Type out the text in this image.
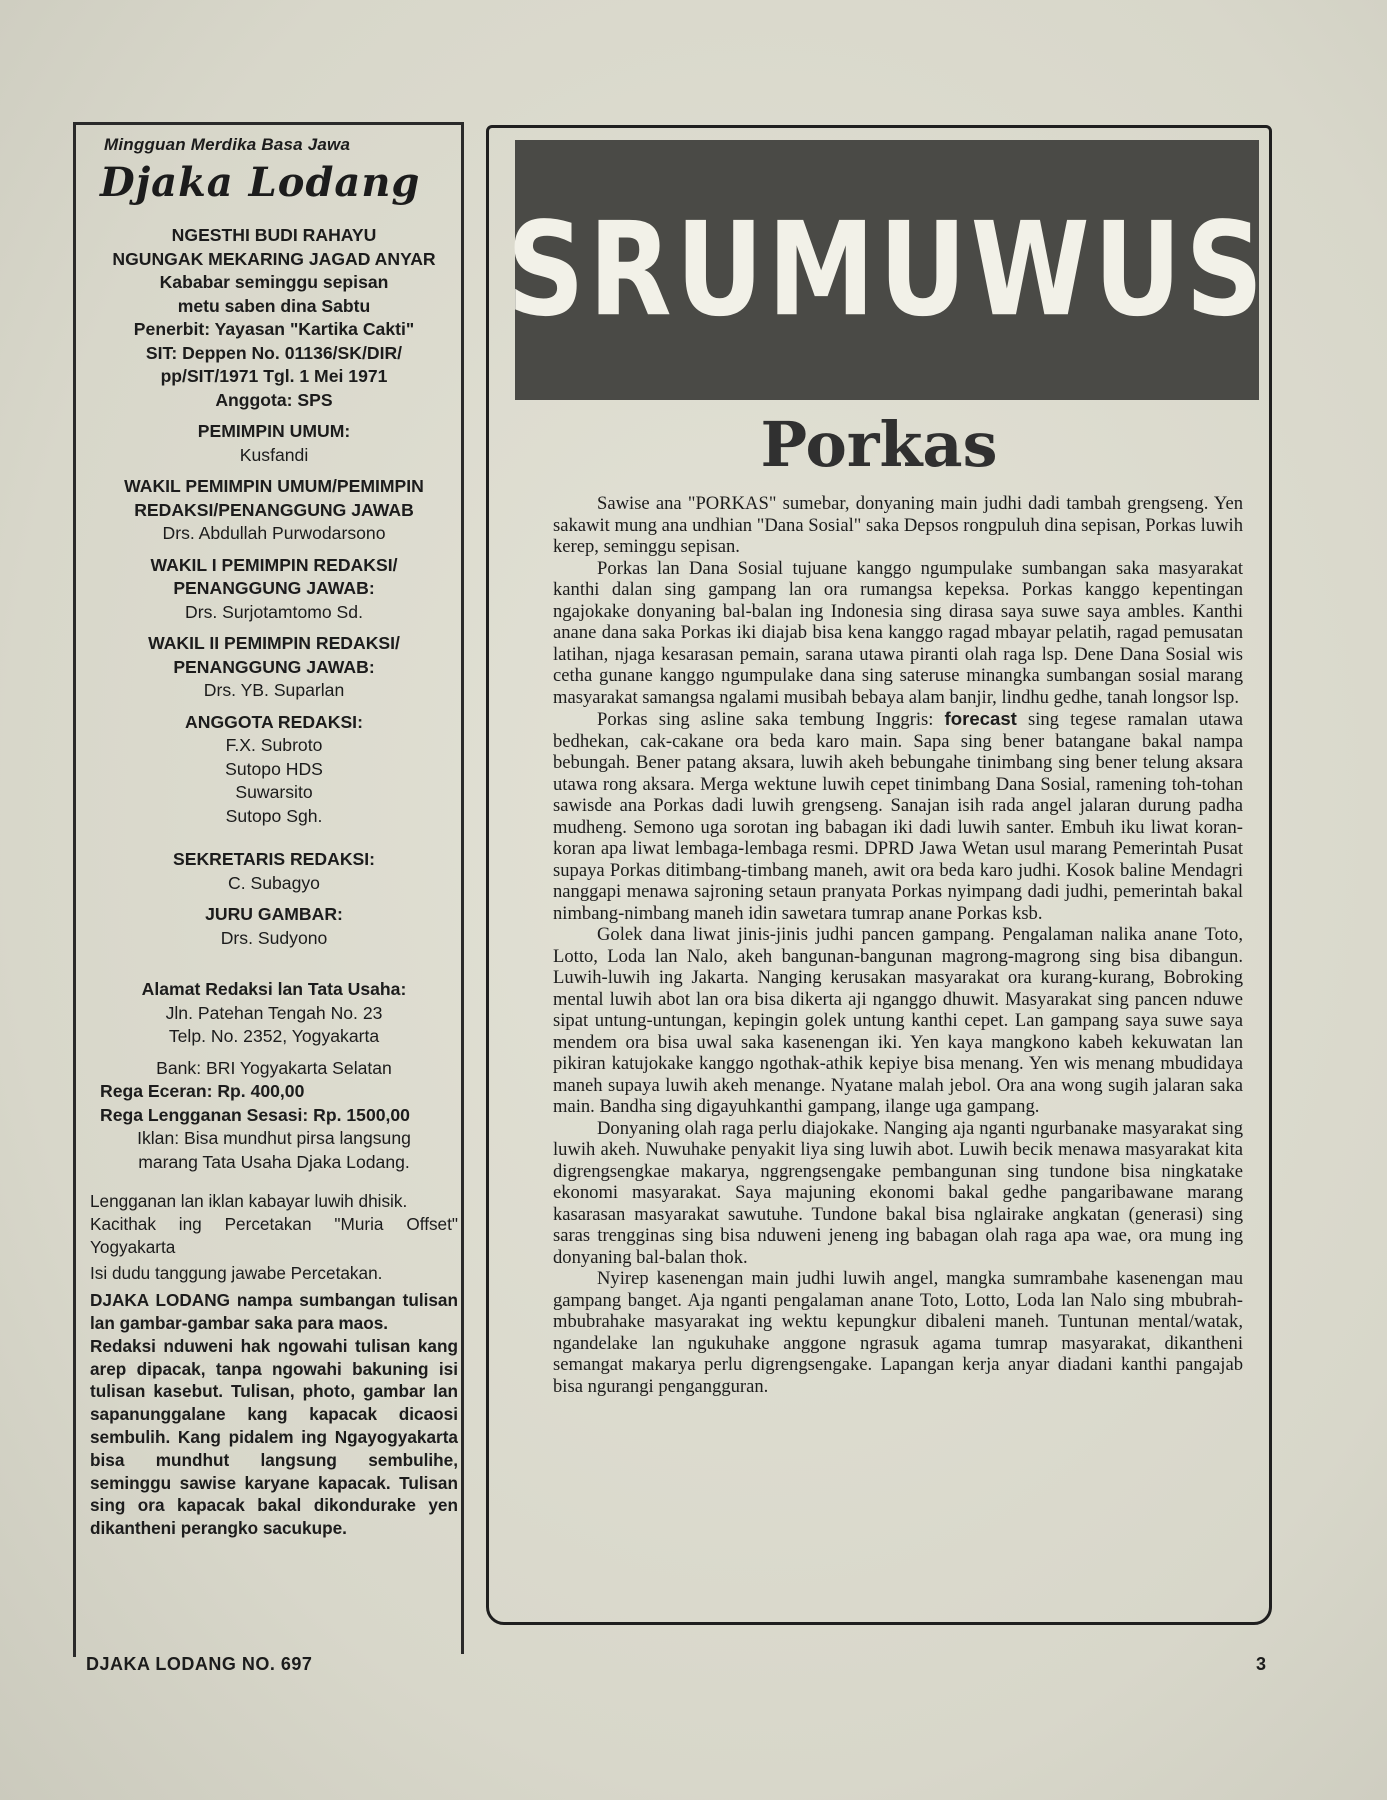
Mingguan Merdika Basa Jawa
Djaka Lodang
NGESTHI BUDI RAHAYU
NGUNGAK MEKARING JAGAD ANYAR
Kababar seminggu sepisan
metu saben dina Sabtu
Penerbit: Yayasan "Kartika Cakti"
SIT: Deppen No. 01136/SK/DIR/
pp/SIT/1971 Tgl. 1 Mei 1971
Anggota: SPS
PEMIMPIN UMUM:
Kusfandi
WAKIL PEMIMPIN UMUM/PEMIMPIN
REDAKSI/PENANGGUNG JAWAB
Drs. Abdullah Purwodarsono
WAKIL I PEMIMPIN REDAKSI/
PENANGGUNG JAWAB:
Drs. Surjotamtomo Sd.
WAKIL II PEMIMPIN REDAKSI/
PENANGGUNG JAWAB:
Drs. YB. Suparlan
ANGGOTA REDAKSI:
F.X. Subroto
Sutopo HDS
Suwarsito
Sutopo Sgh.
SEKRETARIS REDAKSI:
C. Subagyo
JURU GAMBAR:
Drs. Sudyono
Alamat Redaksi lan Tata Usaha:
Jln. Patehan Tengah No. 23
Telp. No. 2352, Yogyakarta
Bank: BRI Yogyakarta Selatan
Rega Eceran: Rp. 400,00
Rega Lengganan Sesasi: Rp. 1500,00
Iklan: Bisa mundhut pirsa langsung marang Tata Usaha Djaka Lodang.
Lengganan lan iklan kabayar luwih dhisik.
Kacithak ing Percetakan "Muria Offset" Yogyakarta
Isi dudu tanggung jawabe Percetakan.
DJAKA LODANG nampa sumbangan tulisan lan gambar-gambar saka para maos.
Redaksi nduweni hak ngowahi tulisan kang arep dipacak, tanpa ngowahi bakuning isi tulisan kasebut. Tulisan, photo, gambar lan sapanunggalane kang kapacak dicaosi sembulih. Kang pidalem ing Ngayogyakarta bisa mundhut langsung sembulihe, seminggu sawise karyane kapacak. Tulisan sing ora kapacak bakal dikondurake yen dikantheni perangko sacukupe.
SRUMUWUS
Porkas

Sawise ana "PORKAS" sumebar, donyaning main judhi dadi tambah grengseng. Yen sakawit mung ana undhian "Dana Sosial" saka Depsos rongpuluh dina sepisan, Porkas luwih kerep, seminggu sepisan.

Porkas lan Dana Sosial tujuane kanggo ngumpulake sumbangan saka masyarakat kanthi dalan sing gampang lan ora rumangsa kepeksa. Porkas kanggo kepentingan ngajokake donyaning bal-balan ing Indonesia sing dirasa saya suwe saya ambles. Kanthi anane dana saka Porkas iki diajab bisa kena kanggo ragad mbayar pelatih, ragad pemusatan latihan, njaga kesarasan pemain, sarana utawa piranti olah raga lsp. Dene Dana Sosial wis cetha gunane kanggo ngumpulake dana sing sateruse minangka sumbangan sosial marang masyarakat samangsa ngalami musibah bebaya alam banjir, lindhu gedhe, tanah longsor lsp.

Porkas sing asline saka tembung Inggris: forecast sing tegese ramalan utawa bedhekan, cak-cakane ora beda karo main. Sapa sing bener batangane bakal nampa bebungah. Bener patang aksara, luwih akeh bebungahe tinimbang sing bener telung aksara utawa rong aksara. Merga wektune luwih cepet tinimbang Dana Sosial, ramening toh-tohan sawisde ana Porkas dadi luwih grengseng. Sanajan isih rada angel jalaran durung padha mudheng. Semono uga sorotan ing babagan iki dadi luwih santer. Embuh iku liwat koran-koran apa liwat lembaga-lembaga resmi. DPRD Jawa Wetan usul marang Pemerintah Pusat supaya Porkas ditimbang-timbang maneh, awit ora beda karo judhi. Kosok baline Mendagri nanggapi menawa sajroning setaun pranyata Porkas nyimpang dadi judhi, pemerintah bakal nimbang-nimbang maneh idin sawetara tumrap anane Porkas ksb.

Golek dana liwat jinis-jinis judhi pancen gampang. Pengalaman nalika anane Toto, Lotto, Loda lan Nalo, akeh bangunan-bangunan magrong-magrong sing bisa dibangun. Luwih-luwih ing Jakarta. Nanging kerusakan masyarakat ora kurang-kurang, Bobroking mental luwih abot lan ora bisa dikerta aji nganggo dhuwit. Masyarakat sing pancen nduwe sipat untung-untungan, kepingin golek untung kanthi cepet. Lan gampang saya suwe saya mendem ora bisa uwal saka kasenengan iki. Yen kaya mangkono kabeh kekuwatan lan pikiran katujokake kanggo ngothak-athik kepiye bisa menang. Yen wis menang mbudidaya maneh supaya luwih akeh menange. Nyatane malah jebol. Ora ana wong sugih jalaran saka main. Bandha sing digayuhkanthi gampang, ilange uga gampang.

Donyaning olah raga perlu diajokake. Nanging aja nganti ngurbanake masyarakat sing luwih akeh. Nuwuhake penyakit liya sing luwih abot. Luwih becik menawa masyarakat kita digrengsengkae makarya, nggrengsengake pembangunan sing tundone bisa ningkatake ekonomi masyarakat. Saya majuning ekonomi bakal gedhe pangaribawane marang kasarasan masyarakat sawutuhe. Tundone bakal bisa nglairake angkatan (generasi) sing saras trengginas sing bisa nduweni jeneng ing babagan olah raga apa wae, ora mung ing donyaning bal-balan thok.

Nyirep kasenengan main judhi luwih angel, mangka sumrambahe kasenengan mau gampang banget. Aja nganti pengalaman anane Toto, Lotto, Loda lan Nalo sing mbubrah-mbubrahake masyarakat ing wektu kepungkur dibaleni maneh. Tuntunan mental/watak, ngandelake lan ngukuhake anggone ngrasuk agama tumrap masyarakat, dikantheni semangat makarya perlu digrengsengake. Lapangan kerja anyar diadani kanthi pangajab bisa ngurangi pengangguran.

DJAKA LODANG NO. 697	3
